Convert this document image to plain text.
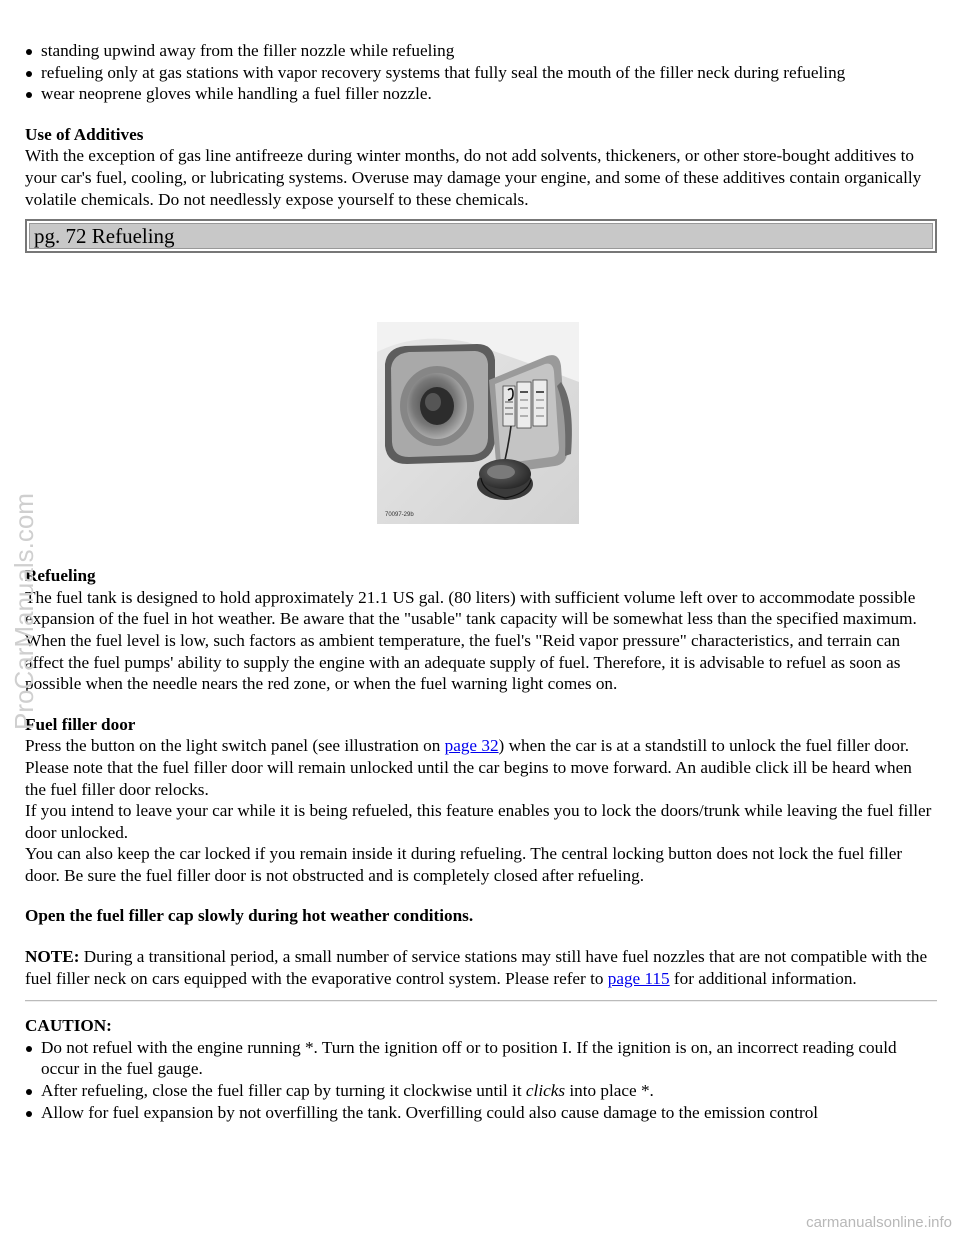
standing upwind away from the filler nozzle while refueling
refueling only at gas stations with vapor recovery systems that fully seal the mouth of the filler neck during refueling
wear neoprene gloves while handling a fuel filler nozzle.

Use of Additives

With the exception of gas line antifreeze during winter months, do not add solvents, thickeners, or other store-bought additives to your car's fuel, cooling, or lubricating systems. Overuse may damage your engine, and some of these additives contain organically volatile chemicals. Do not needlessly expose yourself to these chemicals.

pg. 72 Refueling
70097-29b

Refueling

The fuel tank is designed to hold approximately 21.1 US gal. (80 liters) with sufficient volume left over to accommodate possible expansion of the fuel in hot weather. Be aware that the "usable" tank capacity will be somewhat less than the specified maximum. When the fuel level is low, such factors as ambient temperature, the fuel's "Reid vapor pressure" characteristics, and terrain can affect the fuel pumps' ability to supply the engine with an adequate supply of fuel. Therefore, it is advisable to refuel as soon as possible when the needle nears the red zone, or when the fuel warning light comes on.

Fuel filler door

Press the button on the light switch panel (see illustration on page 32) when the car is at a standstill to unlock the fuel filler door. Please note that the fuel filler door will remain unlocked until the car begins to move forward. An audible click ill be heard when the fuel filler door relocks.

If you intend to leave your car while it is being refueled, this feature enables you to lock the doors/trunk while leaving the fuel filler door unlocked.

You can also keep the car locked if you remain inside it during refueling. The central locking button does not lock the fuel filler door. Be sure the fuel filler door is not obstructed and is completely closed after refueling.

Open the fuel filler cap slowly during hot weather conditions.

NOTE: During a transitional period, a small number of service stations may still have fuel nozzles that are not compatible with the fuel filler neck on cars equipped with the evaporative control system. Please refer to page 115 for additional information.

CAUTION:

Do not refuel with the engine running *. Turn the ignition off or to position I. If the ignition is on, an incorrect reading could occur in the fuel gauge.
After refueling, close the fuel filler cap by turning it clockwise until it clicks into place *.
Allow for fuel expansion by not overfilling the tank. Overfilling could also cause damage to the emission control
ProCarManuals.com
carmanualsonline.info
